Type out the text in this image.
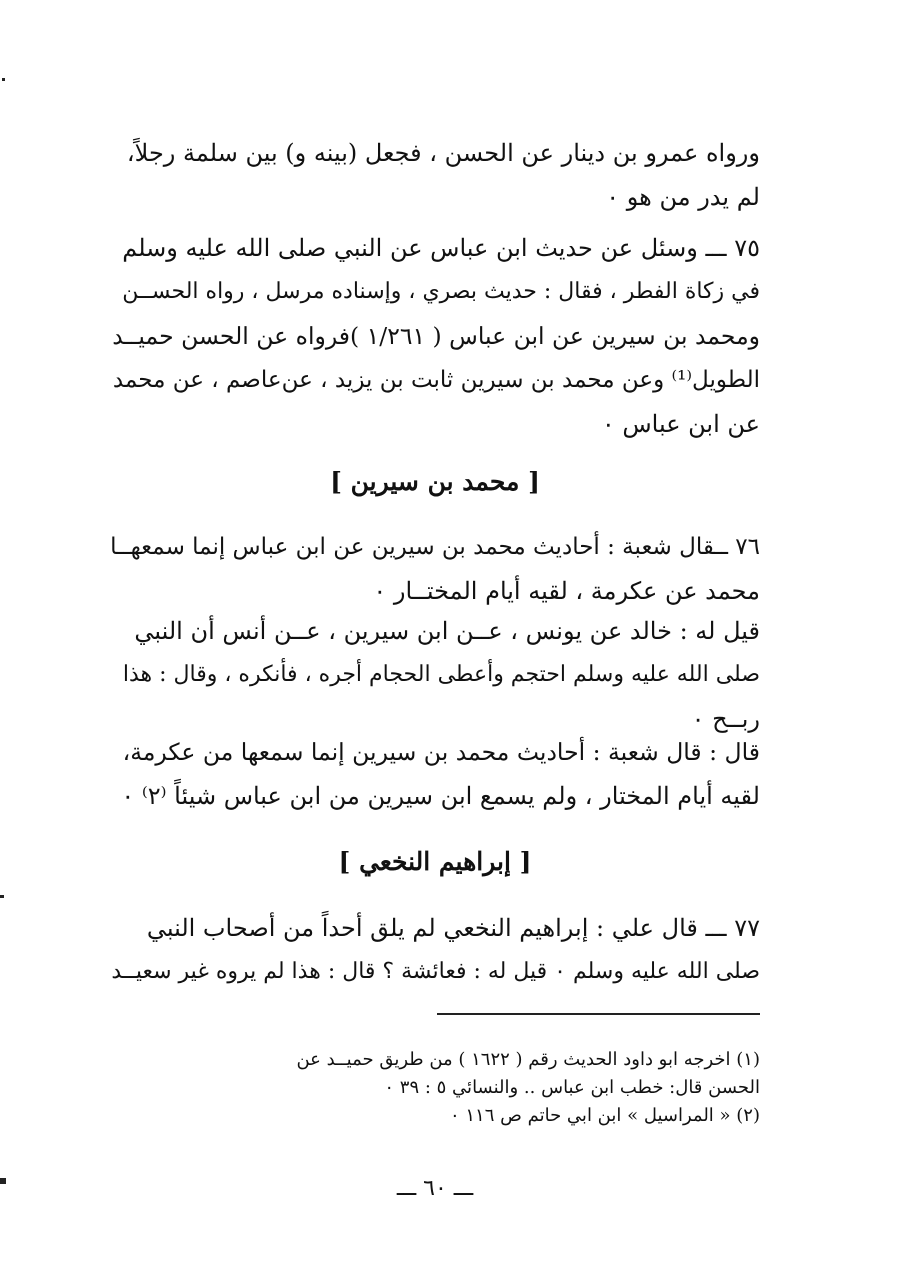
ورواه عمرو بن دينار عن الحسن ، فجعل (بينه و) بين سلمة رجلاً،
لم يدر من هو ٠
٧٥ ـــ وسئل عن حديث ابن عباس عن النبي صلى الله عليه وسلم
في زكاة الفطر ، فقال : حديث بصري ، وإسناده مرسل ، رواه الحســن
ومحمد بن سيرين عن ابن عباس ( ١/٢٦١ )فرواه عن الحسن حميــد
الطويل⁽¹⁾ وعن محمد بن سيرين ثابت بن يزيد ، عن‌عاصم ، عن محمد
عن ابن عباس ٠
[ محمد بن سيرين ]
٧٦ ــقال شعبة : أحاديث محمد بن سيرين عن ابن عباس إنما سمعهــا
محمد عن عكرمة ، لقيه أيام المختــار ٠
قيل له : خالد عن يونس ، عــن ابن سيرين ، عــن أنس أن النبي
صلى الله عليه وسلم احتجم وأعطى الحجام أجره ، فأنكره ، وقال : هذا
ربــح ٠
قال : قال شعبة : أحاديث محمد بن سيرين إنما سمعها من عكرمة،
لقيه أيام المختار ، ولم يسمع ابن سيرين من ابن عباس شيئاً ⁽٢⁾ ٠
[ إبراهيم النخعي ]
٧٧ ـــ قال علي : إبراهيم النخعي لم يلق أحداً من أصحاب النبي
صلى الله عليه وسلم ٠ قيل له : فعائشة ؟ قال : هذا لم يروه غير سعيــد
(١) اخرجه ابو داود الحديث رقم ( ١٦٢٢ ) من طريق حميــد عن
الحسن قال: خطب ابن عباس .. والنسائي ٥ : ٣٩ ٠
(٢) « المراسيل » ابن ابي حاتم ص ١١٦ ٠
ـــ ٦٠ ـــ
